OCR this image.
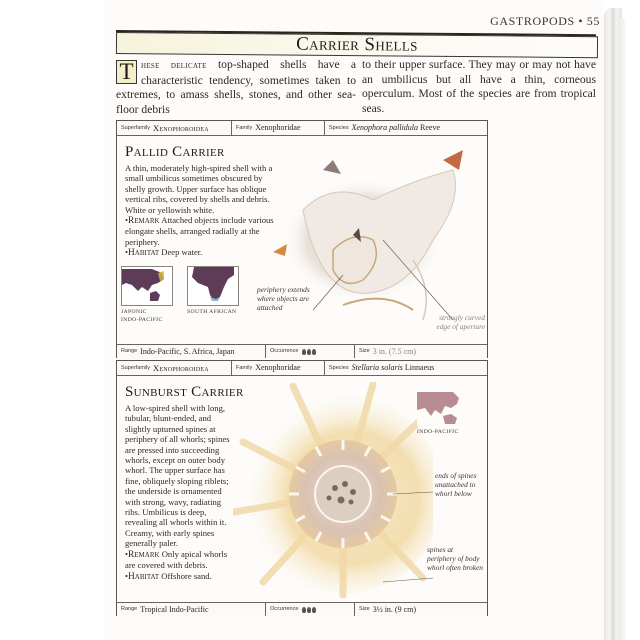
GASTROPODS • 55
Carrier Shells
T hese delicate top-shaped shells have a characteristic tendency, sometimes taken to extremes, to amass shells, stones, and other sea-floor debris
to their upper surface. They may or may not have an umbilicus but all have a thin, corneous operculum. Most of the species are from tropical seas.
$^{Superfamily}$ Xenophoroidea	$^{Family}$ Xenophoridae	$^{Species}$ Xenophora pallidula Reeve
Pallid Carrier

A thin, moderately high-spired shell with a small umbilicus sometimes obscured by shelly growth. Upper surface has oblique vertical ribs, covered by shells and debris. White or yellowish white.

•Remark Attached objects include various elongate shells, arranged radially at the periphery.

•Habitat Deep water.

JAPONIC
INDO-PACIFIC
SOUTH AFRICAN
periphery extends where objects are attached
strongly curved edge of aperture
$^{Range}$ Indo-Pacific, S. Africa, Japan	$^{Occurrence}$	$^{Size}$ 3 in. (7.5 cm)
$^{Superfamily}$ Xenophoroidea	$^{Family}$ Xenophoridae	$^{Species}$ Stellaria solaris Linnaeus
Sunburst Carrier

A low-spired shell with long, tubular, blunt-ended, and slightly upturned spines at periphery of all whorls; spines are pressed into succeeding whorls, except on outer body whorl. The upper surface has fine, obliquely sloping riblets; the underside is ornamented with strong, wavy, radiating ribs. Umbilicus is deep, revealing all whorls within it. Creamy, with early spines generally paler.

•Remark Only apical whorls are covered with debris.

•Habitat Offshore sand.

INDO-PACIFIC
ends of spines unattached to whorl below
spines at periphery of body whorl often broken
$^{Range}$ Tropical Indo-Pacific	$^{Occurrence}$	$^{Size}$ 3½ in. (9 cm)
